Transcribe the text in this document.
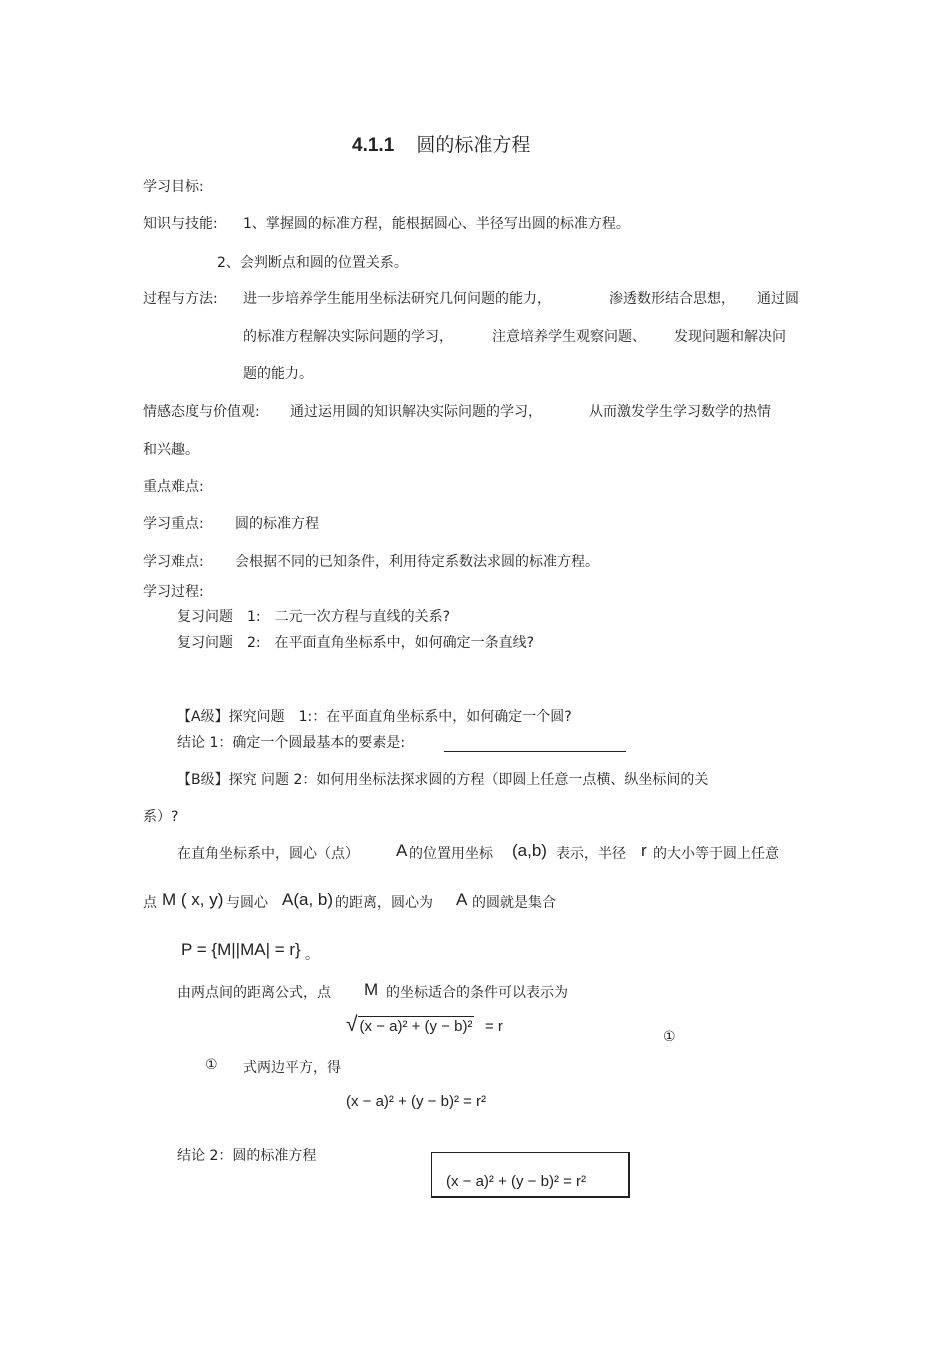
4.1.1 圆的标准方程
学习目标:
知识与技能: 1、掌握圆的标准方程，能根据圆心、半径写出圆的标准方程。
2、会判断点和圆的位置关系。
过程与方法: 进一步培养学生能用坐标法研究几何问题的能力，	渗透数形结合思想， 通过圆
的标准方程解决实际问题的学习，	注意培养学生观察问题、 发现问题和解决问
题的能力。
情感态度与价值观: 通过运用圆的知识解决实际问题的学习，	从而激发学生学习数学的热情
和兴趣。
重点难点:
学习重点: 圆的标准方程
学习难点: 会根据不同的已知条件，利用待定系数法求圆的标准方程。
学习过程:
复习问题　1:　二元一次方程与直线的关系?
复习问题　2:　在平面直角坐标系中，如何确定一条直线?
【A级】探究问题　1:：在平面直角坐标系中，如何确定一个圆?
结论 1：确定一个圆最基本的要素是:
【B级】探究 问题 2：如何用坐标法探求圆的方程（即圆上任意一点横、纵坐标间的关
系）?
在直角坐标系中，圆心（点） A 的位置用坐标 (a,b) 表示，半径 r 的大小等于圆上任意
点 M ( x, y) 与圆心 A(a, b) 的距离，圆心为 A 的圆就是集合
P = {M||MA| = r} 。
由两点间的距离公式，点 M 的坐标适合的条件可以表示为
√ (x − a)² + (y − b)² = r
①
① 式两边平方，得
(x − a)² + (y − b)² = r²
结论 2：圆的标准方程
(x − a)² + (y − b)² = r²
